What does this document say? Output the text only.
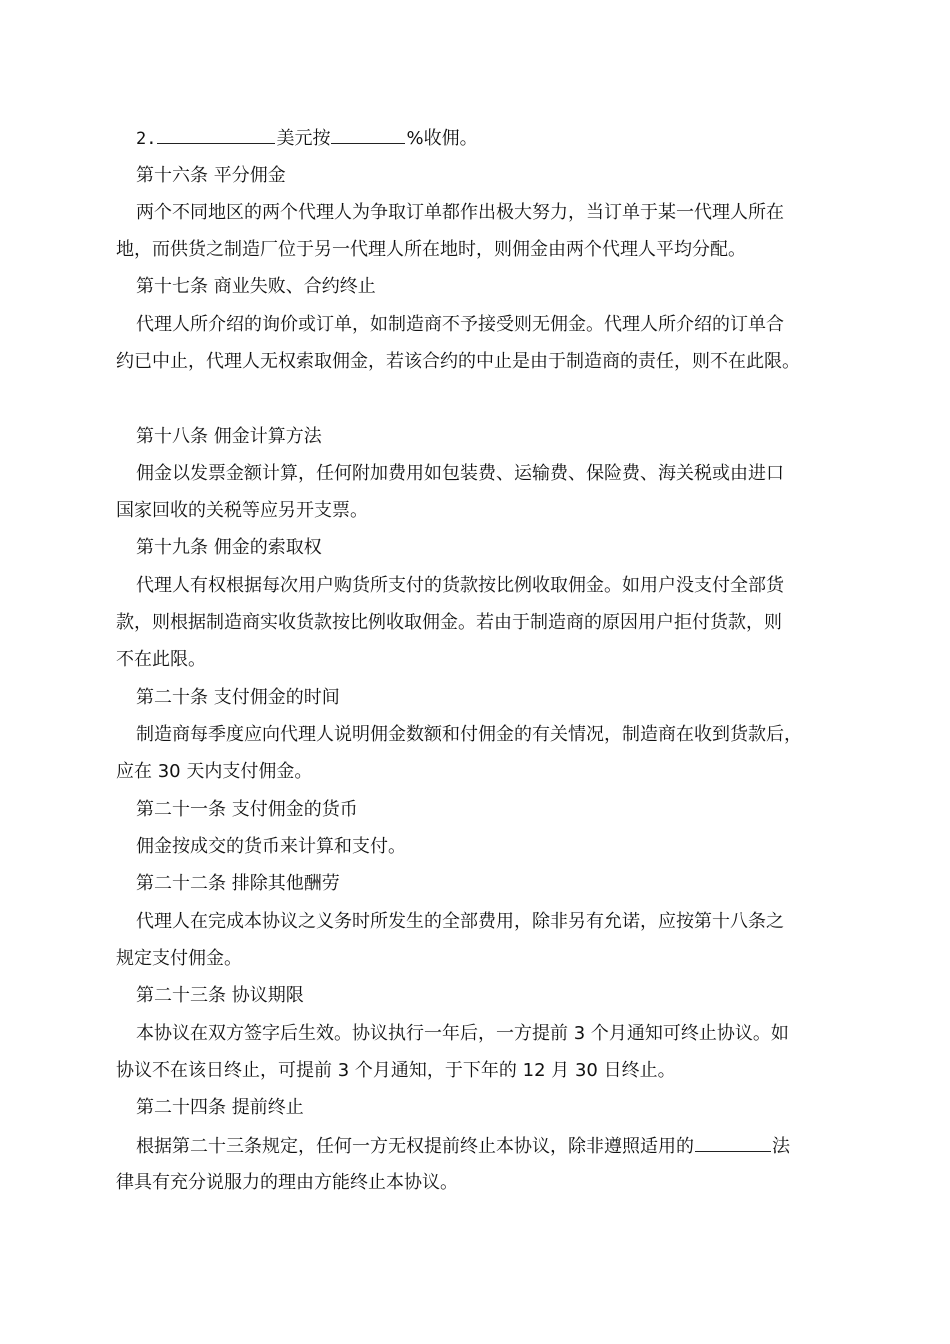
2.	美元按	%收佣。
第十六条 平分佣金
两个不同地区的两个代理人为争取订单都作出极大努力，当订单于某一代理人所在
地，而供货之制造厂位于另一代理人所在地时，则佣金由两个代理人平均分配。
第十七条 商业失败、合约终止
代理人所介绍的询价或订单，如制造商不予接受则无佣金。代理人所介绍的订单合
约已中止，代理人无权索取佣金，若该合约的中止是由于制造商的责任，则不在此限。
第十八条 佣金计算方法
佣金以发票金额计算，任何附加费用如包装费、运输费、保险费、海关税或由进口
国家回收的关税等应另开支票。
第十九条 佣金的索取权
代理人有权根据每次用户购货所支付的货款按比例收取佣金。如用户没支付全部货
款，则根据制造商实收货款按比例收取佣金。若由于制造商的原因用户拒付货款，则
不在此限。
第二十条 支付佣金的时间
制造商每季度应向代理人说明佣金数额和付佣金的有关情况，制造商在收到货款后，
应在 30 天内支付佣金。
第二十一条 支付佣金的货币
佣金按成交的货币来计算和支付。
第二十二条 排除其他酬劳
代理人在完成本协议之义务时所发生的全部费用，除非另有允诺，应按第十八条之
规定支付佣金。
第二十三条 协议期限
本协议在双方签字后生效。协议执行一年后，一方提前 3 个月通知可终止协议。如
协议不在该日终止，可提前 3 个月通知，于下年的 12 月 30 日终止。
第二十四条 提前终止
根据第二十三条规定，任何一方无权提前终止本协议，除非遵照适用的	法
律具有充分说服力的理由方能终止本协议。
